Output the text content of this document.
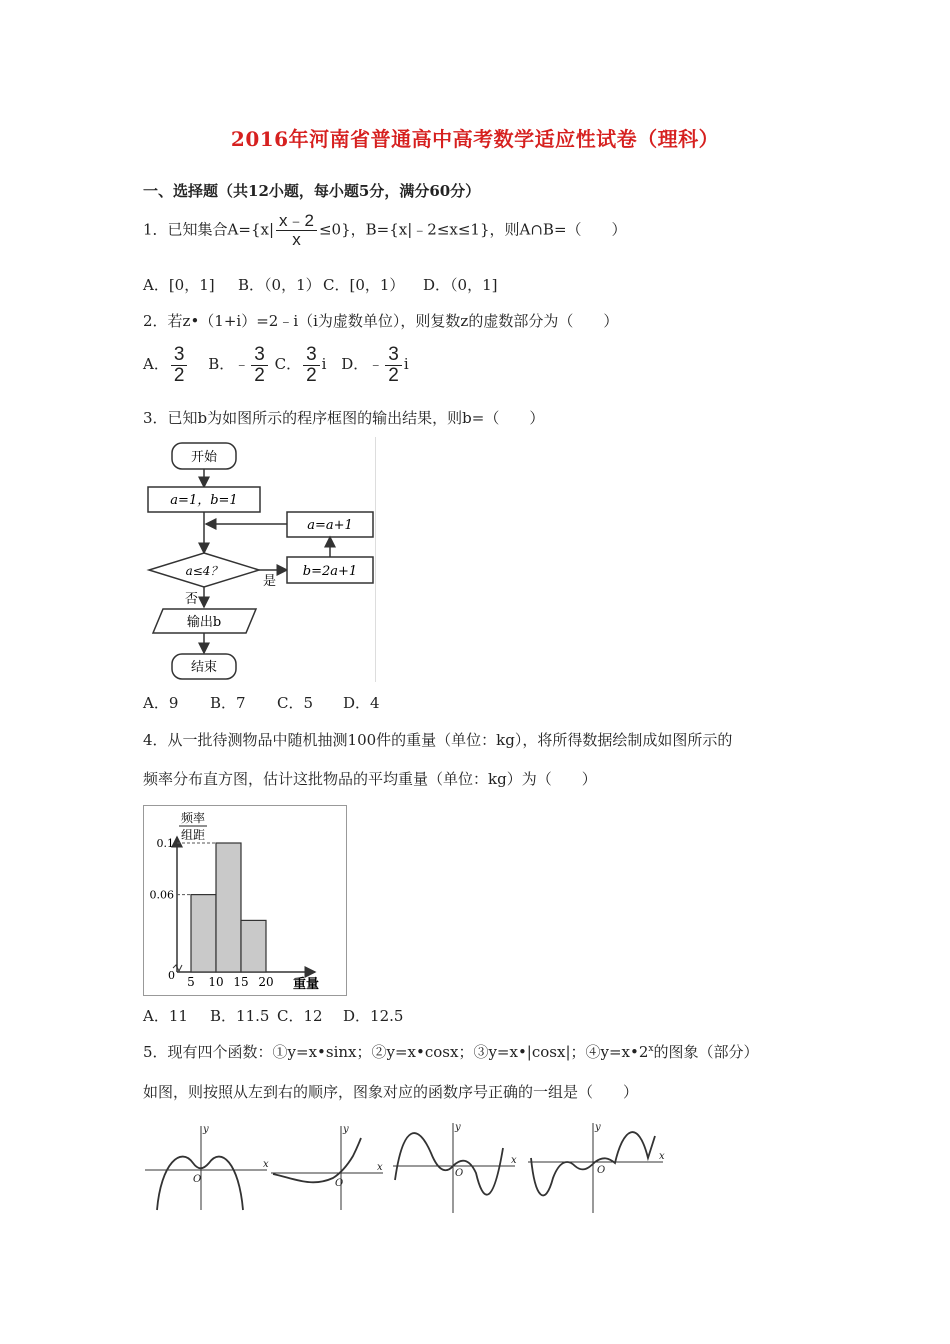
2016年河南省普通高中高考数学适应性试卷（理科）
一、选择题（共12小题，每小题5分，满分60分）
1．已知集合$A=\{x| \frac{x﹣2}{x} \le 0\}$，B={x|﹣2≤x≤1}，则A∩B=（　　）
A．[0，1] B．（0，1） C．[0，1） D．（0，1]
2．若z•（1+i）=2﹣i（i为虚数单位），则复数z的虚数部分为（　　）
A． $\frac{3}{2}$ B．﹣ $\frac{3}{2}$ C． $\frac{3}{2}$ i D．﹣ $\frac{3}{2}$ i
3．已知b为如图所示的程序框图的输出结果，则b=（　　）
开始
a=1，b=1
a=a+1
a≤4？
是
b=2a+1
否
输出b
结束
A．9 B．7 C．5 D．4
4．从一批待测物品中随机抽测100件的重量（单位：kg），将所得数据绘制成如图所示的
频率分布直方图，估计这批物品的平均重量（单位：kg）为（　　）
频率
组距
重量
0
0.1
0.06
5 10 15 20
A．11 B．11.5 C．12 D．12.5
5．现有四个函数：①y=x•sinx；②y=x•cosx；③y=x•|cosx|；$④y=x•2^x$的图象（部分）
如图，则按照从左到右的顺序，图象对应的函数序号正确的一组是（　　）
x
y
O
x
y
O
x
y
O
x
y
O
